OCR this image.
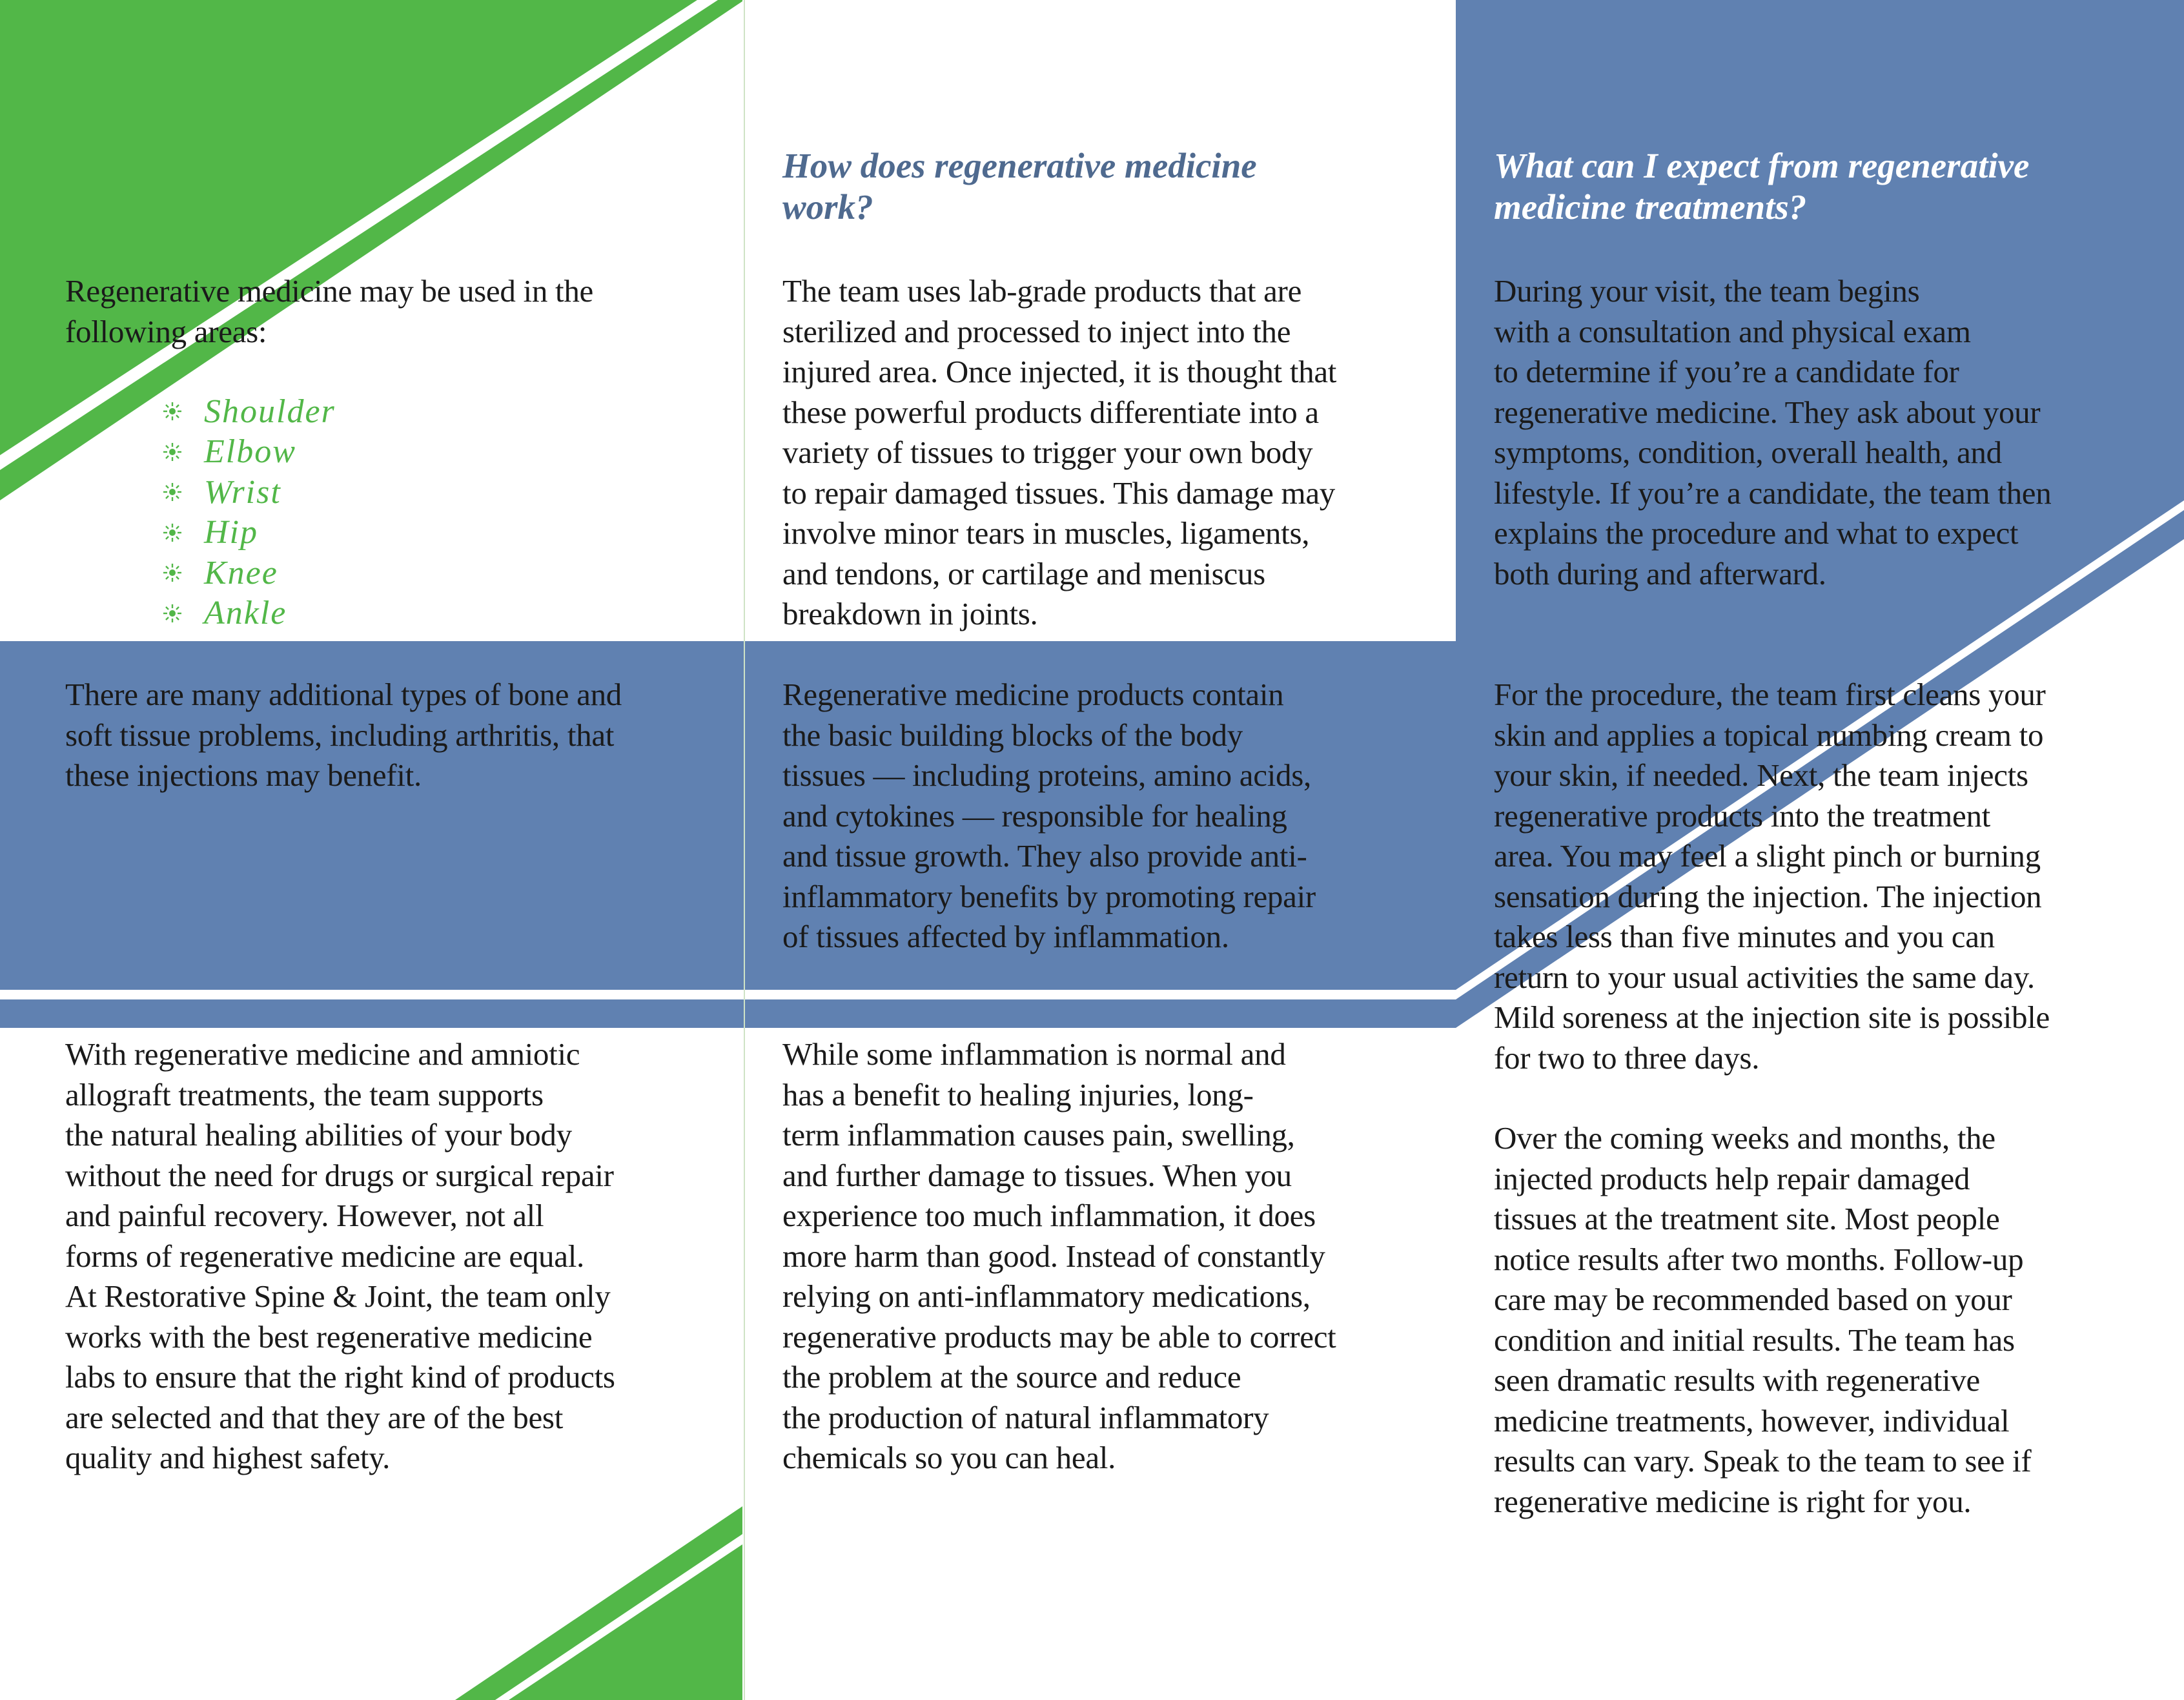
Regenerative medicine may be used in the
following areas:

Shoulder
Elbow
Wrist
Hip
Knee
Ankle

There are many additional types of bone and
soft tissue problems, including arthritis, that
these injections may benefit.

With regenerative medicine and amniotic
allograft treatments, the team supports
the natural healing abilities of your body
without the need for drugs or surgical repair
and painful recovery. However, not all
forms of regenerative medicine are equal.
At Restorative Spine & Joint, the team only
works with the best regenerative medicine
labs to ensure that the right kind of products
are selected and that they are of the best
quality and highest safety.

How does regenerative medicine
work?

The team uses lab-grade products that are
sterilized and processed to inject into the
injured area. Once injected, it is thought that
these powerful products differentiate into a
variety of tissues to trigger your own body
to repair damaged tissues. This damage may
involve minor tears in muscles, ligaments,
and tendons, or cartilage and meniscus
breakdown in joints.

Regenerative medicine products contain
the basic building blocks of the body
tissues — including proteins, amino acids,
and cytokines — responsible for healing
and tissue growth. They also provide anti-
inflammatory benefits by promoting repair
of tissues affected by inflammation.

While some inflammation is normal and
has a benefit to healing injuries, long-
term inflammation causes pain, swelling,
and further damage to tissues. When you
experience too much inflammation, it does
more harm than good. Instead of constantly
relying on anti-inflammatory medications,
regenerative products may be able to correct
the problem at the source and reduce
the production of natural inflammatory
chemicals so you can heal.

What can I expect from regenerative
medicine treatments?

During your visit, the team begins
with a consultation and physical exam
to determine if you’re a candidate for
regenerative medicine. They ask about your
symptoms, condition, overall health, and
lifestyle. If you’re a candidate, the team then
explains the procedure and what to expect
both during and afterward.

For the procedure, the team first cleans your
skin and applies a topical numbing cream to
your skin, if needed. Next, the team injects
regenerative products into the treatment
area. You may feel a slight pinch or burning
sensation during the injection. The injection
takes less than five minutes and you can
return to your usual activities the same day.
Mild soreness at the injection site is possible
for two to three days.

Over the coming weeks and months, the
injected products help repair damaged
tissues at the treatment site. Most people
notice results after two months. Follow-up
care may be recommended based on your
condition and initial results. The team has
seen dramatic results with regenerative
medicine treatments, however, individual
results can vary. Speak to the team to see if
regenerative medicine is right for you.
